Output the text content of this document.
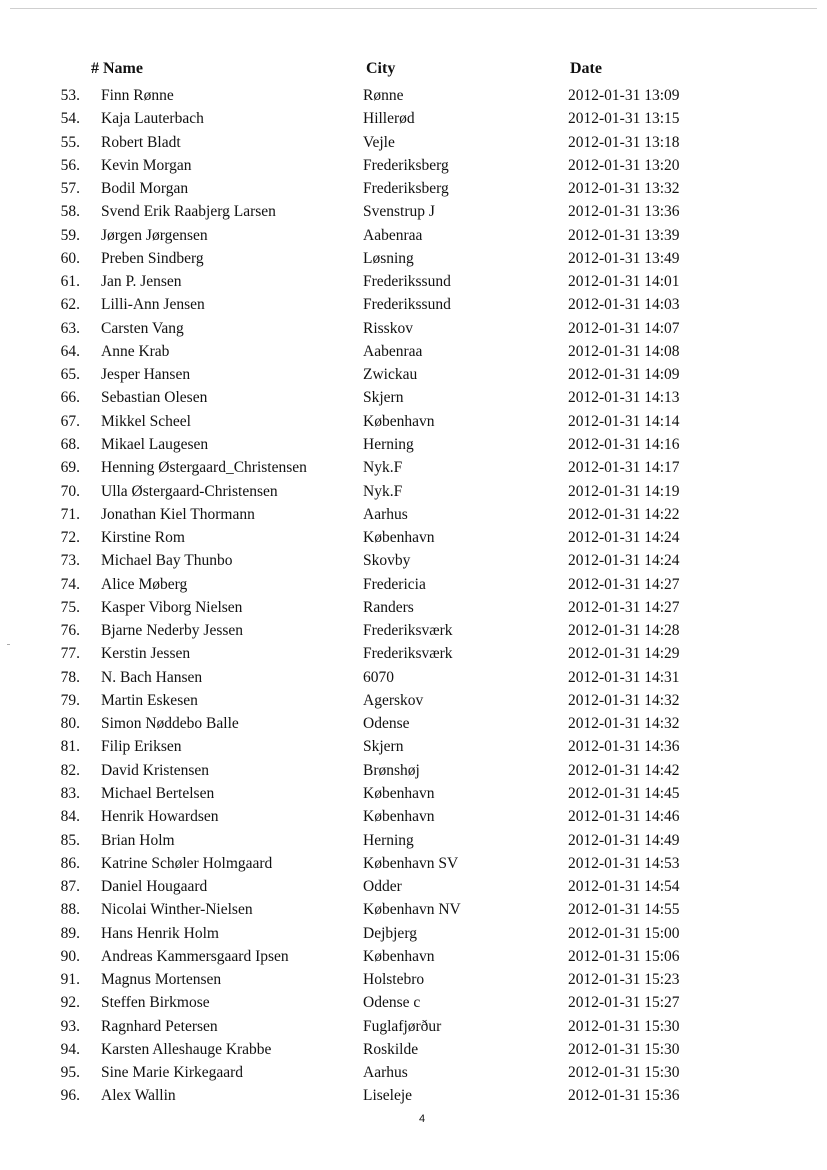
# Name	City	Date
53. Finn Rønne	Rønne	2012-01-31 13:09
54. Kaja Lauterbach	Hillerød	2012-01-31 13:15
55. Robert Bladt	Vejle	2012-01-31 13:18
56. Kevin Morgan	Frederiksberg	2012-01-31 13:20
57. Bodil Morgan	Frederiksberg	2012-01-31 13:32
58. Svend Erik Raabjerg Larsen	Svenstrup J	2012-01-31 13:36
59. Jørgen Jørgensen	Aabenraa	2012-01-31 13:39
60. Preben Sindberg	Løsning	2012-01-31 13:49
61. Jan P. Jensen	Frederikssund	2012-01-31 14:01
62. Lilli-Ann Jensen	Frederikssund	2012-01-31 14:03
63. Carsten Vang	Risskov	2012-01-31 14:07
64. Anne Krab	Aabenraa	2012-01-31 14:08
65. Jesper Hansen	Zwickau	2012-01-31 14:09
66. Sebastian Olesen	Skjern	2012-01-31 14:13
67. Mikkel Scheel	København	2012-01-31 14:14
68. Mikael Laugesen	Herning	2012-01-31 14:16
69. Henning Østergaard_Christensen	Nyk.F	2012-01-31 14:17
70. Ulla Østergaard-Christensen	Nyk.F	2012-01-31 14:19
71. Jonathan Kiel Thormann	Aarhus	2012-01-31 14:22
72. Kirstine Rom	København	2012-01-31 14:24
73. Michael Bay Thunbo	Skovby	2012-01-31 14:24
74. Alice Møberg	Fredericia	2012-01-31 14:27
75. Kasper Viborg Nielsen	Randers	2012-01-31 14:27
76. Bjarne Nederby Jessen	Frederiksværk	2012-01-31 14:28
77. Kerstin Jessen	Frederiksværk	2012-01-31 14:29
78. N. Bach Hansen	6070	2012-01-31 14:31
79. Martin Eskesen	Agerskov	2012-01-31 14:32
80. Simon Nøddebo Balle	Odense	2012-01-31 14:32
81. Filip Eriksen	Skjern	2012-01-31 14:36
82. David Kristensen	Brønshøj	2012-01-31 14:42
83. Michael Bertelsen	København	2012-01-31 14:45
84. Henrik Howardsen	København	2012-01-31 14:46
85. Brian Holm	Herning	2012-01-31 14:49
86. Katrine Schøler Holmgaard	København SV	2012-01-31 14:53
87. Daniel Hougaard	Odder	2012-01-31 14:54
88. Nicolai Winther-Nielsen	København NV	2012-01-31 14:55
89. Hans Henrik Holm	Dejbjerg	2012-01-31 15:00
90. Andreas Kammersgaard Ipsen	København	2012-01-31 15:06
91. Magnus Mortensen	Holstebro	2012-01-31 15:23
92. Steffen Birkmose	Odense c	2012-01-31 15:27
93. Ragnhard Petersen	Fuglafjørður	2012-01-31 15:30
94. Karsten Alleshauge Krabbe	Roskilde	2012-01-31 15:30
95. Sine Marie Kirkegaard	Aarhus	2012-01-31 15:30
96. Alex Wallin	Liseleje	2012-01-31 15:36
4
